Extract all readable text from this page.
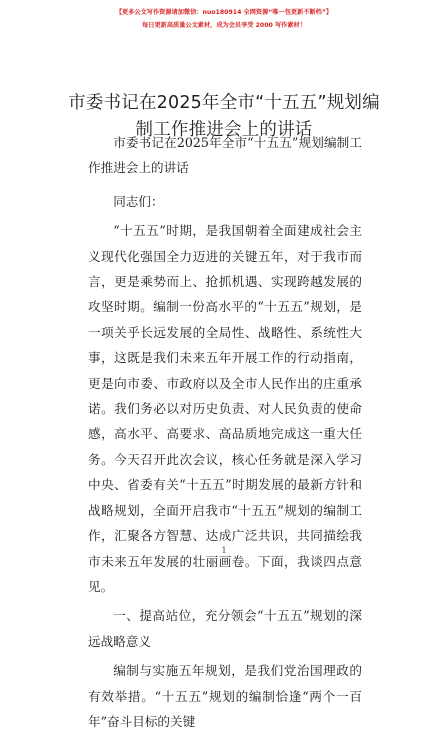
【更多公文写作资源请加微信：nuo180914 全网资源“唯一包更新不断档”】
每日更新高质量公文素材，成为会员享受 2000 写作素材！
市委书记在2025年全市“十五五”规划编制工作推进会上的讲话

市委书记在2025年全市“十五五”规划编制工作推进会上的讲话

同志们：

“十五五”时期，是我国朝着全面建成社会主义现代化强国全力迈进的关键五年，对于我市而言，更是乘势而上、抢抓机遇、实现跨越发展的攻坚时期。编制一份高水平的“十五五”规划，是一项关乎长远发展的全局性、战略性、系统性大事，这既是我们未来五年开展工作的行动指南，更是向市委、市政府以及全市人民作出的庄重承诺。我们务必以对历史负责、对人民负责的使命感，高水平、高要求、高品质地完成这一重大任务。今天召开此次会议，核心任务就是深入学习中央、省委有关“十五五”时期发展的最新方针和战略规划，全面开启我市“十五五”规划的编制工作，汇聚各方智慧、达成广泛共识，共同描绘我市未来五年发展的壮丽画卷。下面，我谈四点意见。

一、提高站位，充分领会“十五五”规划的深远战略意义

编制与实施五年规划，是我们党治国理政的有效举措。“十五五”规划的编制恰逢“两个一百年”奋斗目标的关键

1
